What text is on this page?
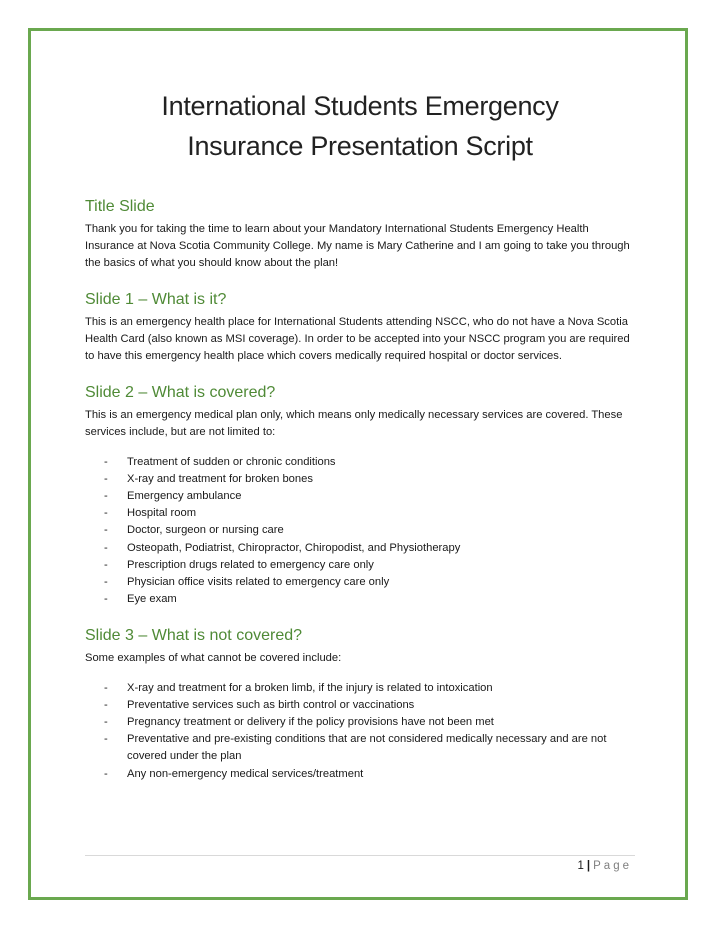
International Students Emergency
Insurance Presentation Script
Title Slide

Thank you for taking the time to learn about your Mandatory International Students Emergency Health Insurance at Nova Scotia Community College. My name is Mary Catherine and I am going to take you through the basics of what you should know about the plan!

Slide 1 – What is it?

This is an emergency health place for International Students attending NSCC, who do not have a Nova Scotia Health Card (also known as MSI coverage). In order to be accepted into your NSCC program you are required to have this emergency health place which covers medically required hospital or doctor services.

Slide 2 – What is covered?

This is an emergency medical plan only, which means only medically necessary services are covered. These services include, but are not limited to:

- Treatment of sudden or chronic conditions
- X-ray and treatment for broken bones
- Emergency ambulance
- Hospital room
- Doctor, surgeon or nursing care
- Osteopath, Podiatrist, Chiropractor, Chiropodist, and Physiotherapy
- Prescription drugs related to emergency care only
- Physician office visits related to emergency care only
- Eye exam
Slide 3 – What is not covered?

Some examples of what cannot be covered include:

- X-ray and treatment for a broken limb, if the injury is related to intoxication
- Preventative services such as birth control or vaccinations
- Pregnancy treatment or delivery if the policy provisions have not been met
- Preventative and pre-existing conditions that are not considered medically necessary and are not covered under the plan
- Any non-emergency medical services/treatment
1 | Page
